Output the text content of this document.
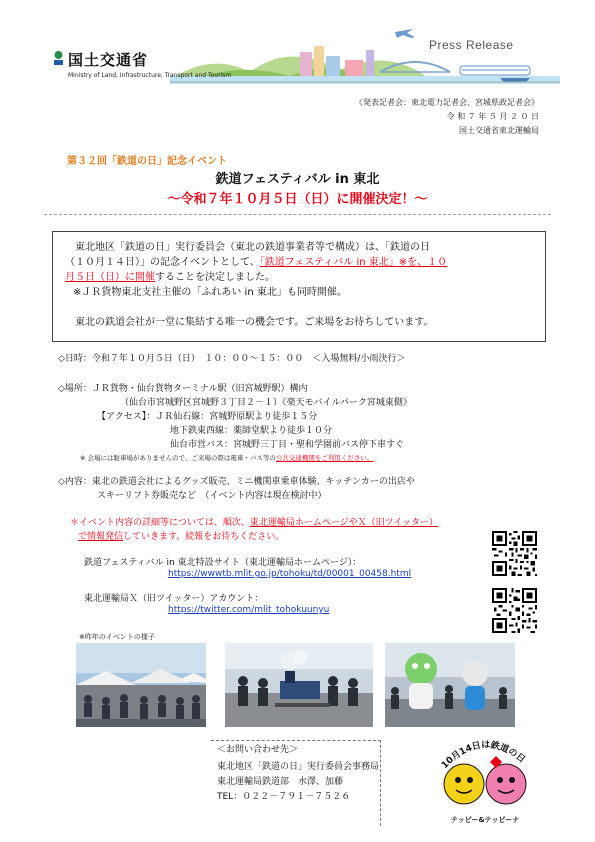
国土交通省
Ministry of Land, Infrastructure, Transport and Tourism
Press Release
《発表記者会：東北電力記者会、宮城県政記者会》
令 和 ７ 年 ５ 月 ２ ０ 日
国土交通省東北運輸局
第３２回「鉄道の日」記念イベント
鉄道フェスティバル in 東北
～令和７年１０月５日（日）に開催決定！～
東北地区「鉄道の日」実行委員会（東北の鉄道事業者等で構成）は、「鉄道の日
（１０月１４日）」の記念イベントとして、「鉄道フェスティバル in 東北」※を、１０
月５日（日）に開催することを決定しました。
※ＪＲ貨物東北支社主催の「ふれあい in 東北」も同時開催。
東北の鉄道会社が一堂に集結する唯一の機会です。ご来場をお待ちしています。
◇日時：令和７年１０月５日（日）　１０：００～１５：００　＜入場無料/小雨決行＞
◇場所：ＪＲ貨物・仙台貨物ターミナル駅（旧宮城野駅）構内
（仙台市宮城野区宮城野３丁目２－１）《楽天モバイルパーク宮城東側》
【アクセス】：ＪＲ仙石線：宮城野原駅より徒歩１５分
地下鉄東西線：薬師堂駅より徒歩１０分
仙台市営バス：宮城野三丁目・聖和学園前バス停下車すぐ
※ 会場には駐車場がありませんので、ご来場の際は電車・バス等の公共交通機関をご利用ください。
◇内容：東北の鉄道会社によるグッズ販売、ミニ機関車乗車体験、キッチンカーの出店や
スキーリフト券販売など　（イベント内容は現在検討中）
＊イベント内容の詳細等については、順次、東北運輸局ホームページやＸ（旧ツイッター）
で情報発信していきます。続報をお待ちください。
鉄道フェスティバル in 東北特設サイト（東北運輸局ホームページ）：
https://wwwtb.mlit.go.jp/tohoku/td/00001_00458.html
東北運輸局Ｘ（旧ツイッター）アカウント：
https://twitter.com/mlit_tohokuunyu
※昨年のイベントの様子
東北地区「鉄道の日」実行委員会事務局
東北運輸局鉄道部　水澤、加藤
TEL：０２２－７９１－７５２６
＜お問い合わせ先＞
10月14日は鉄道の日
テッピー&テッピーナ
